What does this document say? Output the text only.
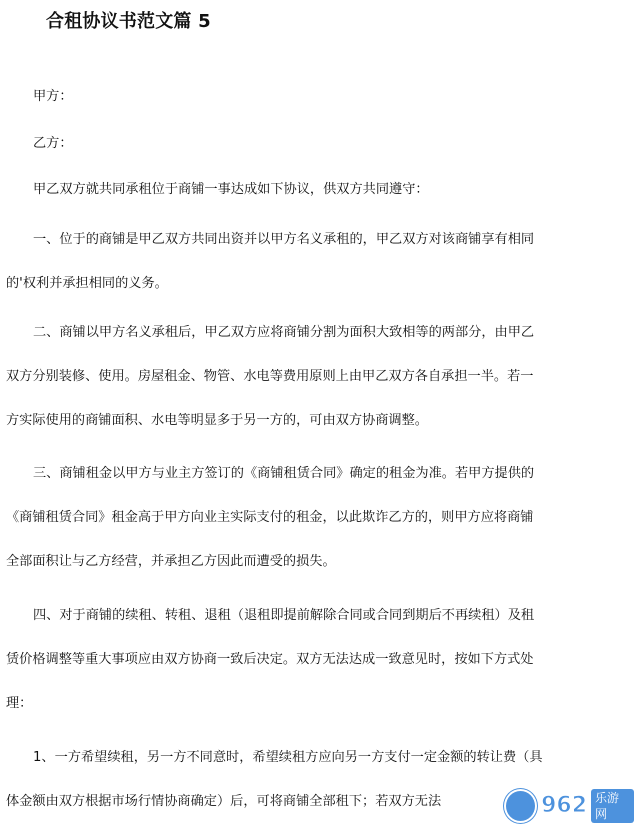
合租协议书范文篇 5
甲方：
乙方：
甲乙双方就共同承租位于商铺一事达成如下协议，供双方共同遵守：
一、位于的商铺是甲乙双方共同出资并以甲方名义承租的，甲乙双方对该商铺享有相同
的'权利并承担相同的义务。
二、商铺以甲方名义承租后，甲乙双方应将商铺分割为面积大致相等的两部分，由甲乙
双方分别装修、使用。房屋租金、物管、水电等费用原则上由甲乙双方各自承担一半。若一
方实际使用的商铺面积、水电等明显多于另一方的，可由双方协商调整。
三、商铺租金以甲方与业主方签订的《商铺租赁合同》确定的租金为准。若甲方提供的
《商铺租赁合同》租金高于甲方向业主实际支付的租金，以此欺诈乙方的，则甲方应将商铺
全部面积让与乙方经营，并承担乙方因此而遭受的损失。
四、对于商铺的续租、转租、退租（退租即提前解除合同或合同到期后不再续租）及租
赁价格调整等重大事项应由双方协商一致后决定。双方无法达成一致意见时，按如下方式处
理：
1、一方希望续租，另一方不同意时，希望续租方应向另一方支付一定金额的转让费（具
体金额由双方根据市场行情协商确定）后，可将商铺全部租下；若双方无法	962 乐游网
